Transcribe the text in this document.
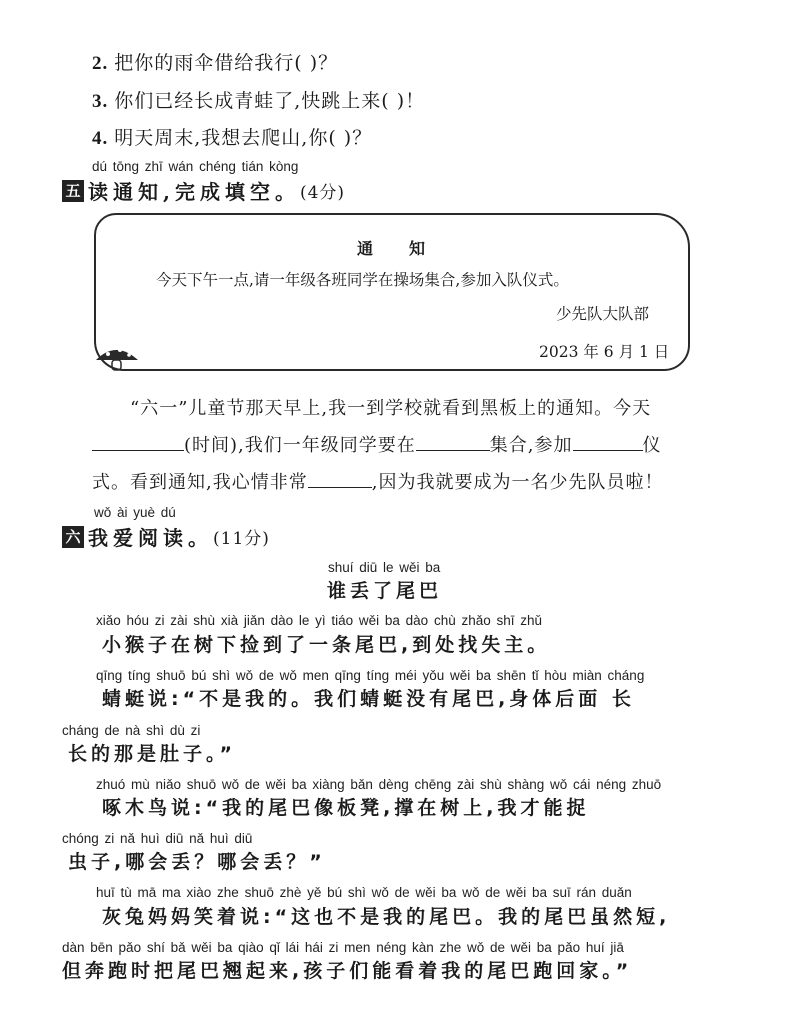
2. 把你的雨伞借给我行( )？
3. 你们已经长成青蛙了,快跳上来( )！
4. 明天周末,我想去爬山,你( )？
dú tōng zhī wán chéng tián kòng
五 读通知,完成填空。 (4分)
通知
今天下午一点,请一年级各班同学在操场集合,参加入队仪式。
少先队大队部
2023 年 6 月 1 日
“六一”儿童节那天早上,我一到学校就看到黑板上的通知。今天
(时间),我们一年级同学要在	集合,参加	仪
式。看到通知,我心情非常	,因为我就要成为一名少先队员啦！
wǒ ài yuè dú
六 我爱阅读。 (11分)
shuí diū le wěi ba
谁丢了尾巴
xiǎo hóu zi zài shù xià jiǎn dào le yì tiáo wěi ba dào chù zhǎo shī zhǔ
小猴子在树下捡到了一条尾巴,到处找失主。
qīng tíng shuō bú shì wǒ de wǒ men qīng tíng méi yǒu wěi ba shēn tǐ hòu miàn cháng
蜻蜓说:“不是我的。我们蜻蜓没有尾巴,身体后面 长
cháng de nà shì dù zi
长的那是肚子。”
zhuó mù niǎo shuō wǒ de wěi ba xiàng bǎn dèng chēng zài shù shàng wǒ cái néng zhuō
啄木鸟说:“我的尾巴像板凳,撑在树上,我才能捉
chóng zi nǎ huì diū nǎ huì diū
虫子,哪会丢？哪会丢？”
huī tù mā ma xiào zhe shuō zhè yě bú shì wǒ de wěi ba wǒ de wěi ba suī rán duǎn
灰兔妈妈笑着说:“这也不是我的尾巴。我的尾巴虽然短,
dàn bēn pǎo shí bǎ wěi ba qiào qǐ lái hái zi men néng kàn zhe wǒ de wěi ba pǎo huí jiā
但奔跑时把尾巴翘起来,孩子们能看着我的尾巴跑回家。”
